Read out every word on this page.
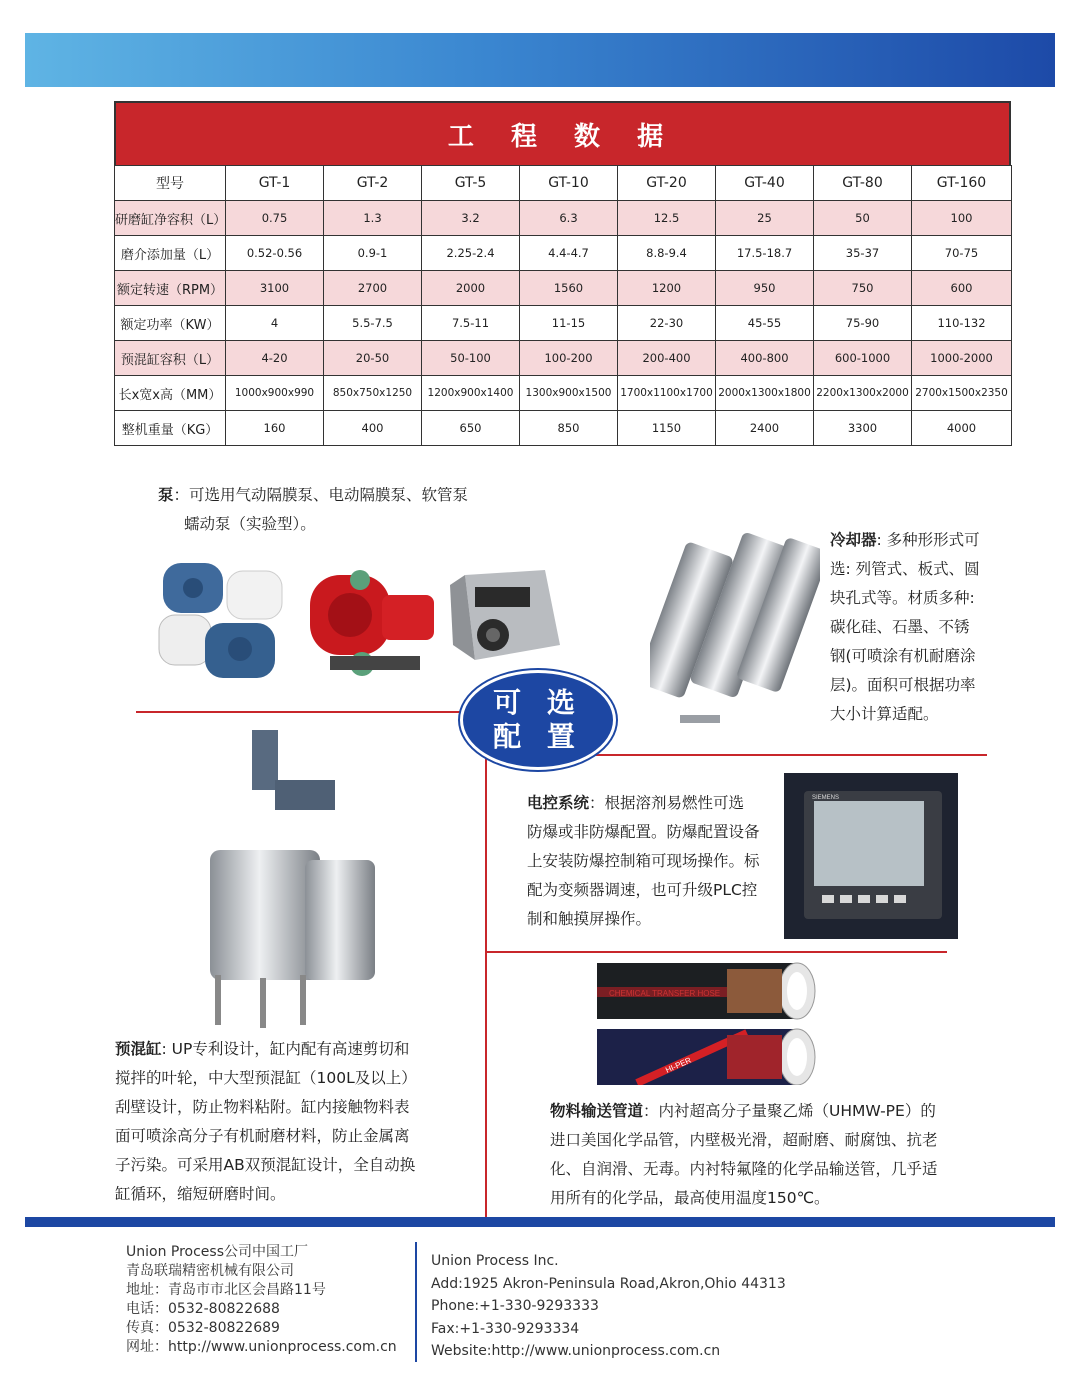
工 程 数 据
型号	GT-1	GT-2	GT-5	GT-10	GT-20	GT-40	GT-80	GT-160
研磨缸净容积（L）	0.75	1.3	3.2	6.3	12.5	25	50	100
磨介添加量（L）	0.52-0.56	0.9-1	2.25-2.4	4.4-4.7	8.8-9.4	17.5-18.7	35-37	70-75
额定转速（RPM）	3100	2700	2000	1560	1200	950	750	600
额定功率（KW）	4	5.5-7.5	7.5-11	11-15	22-30	45-55	75-90	110-132
预混缸容积（L）	4-20	20-50	50-100	100-200	200-400	400-800	600-1000	1000-2000
长x宽x高（MM）	1000x900x990	850x750x1250	1200x900x1400	1300x900x1500	1700x1100x1700	2000x1300x1800	2200x1300x2000	2700x1500x2350
整机重量（KG）	160	400	650	850	1150	2400	3300	4000
泵：可选用气动隔膜泵、电动隔膜泵、软管泵
蠕动泵（实验型）。
冷却器: 多种形形式可
选: 列管式、板式、圆
块孔式等。材质多种:
碳化硅、石墨、不锈
钢(可喷涂有机耐磨涂
层)。面积可根据功率
大小计算适配。
可 选
配 置
电控系统：根据溶剂易燃性可选
防爆或非防爆配置。防爆配置设备
上安装防爆控制箱可现场操作。标
配为变频器调速，也可升级PLC控
制和触摸屏操作。
SIEMENS
CHEMICAL TRANSFER HOSE
HI-PER
预混缸: UP专利设计，缸内配有高速剪切和
搅拌的叶轮，中大型预混缸（100L及以上）
刮壁设计，防止物料粘附。缸内接触物料表
面可喷涂高分子有机耐磨材料，防止金属离
子污染。可采用AB双预混缸设计，全自动换
缸循环，缩短研磨时间。
物料输送管道：内衬超高分子量聚乙烯（UHMW-PE）的
进口美国化学品管，内壁极光滑，超耐磨、耐腐蚀、抗老
化、自润滑、无毒。内衬特氟隆的化学品输送管，几乎适
用所有的化学品，最高使用温度150℃。
Union Process公司中国工厂
青岛联瑞精密机械有限公司
地址：青岛市市北区会昌路11号
电话：0532-80822688
传真：0532-80822689
网址：http://www.unionprocess.com.cn
Union Process Inc.
Add:1925 Akron-Peninsula Road,Akron,Ohio 44313
Phone:+1-330-9293333
Fax:+1-330-9293334
Website:http://www.unionprocess.com.cn
